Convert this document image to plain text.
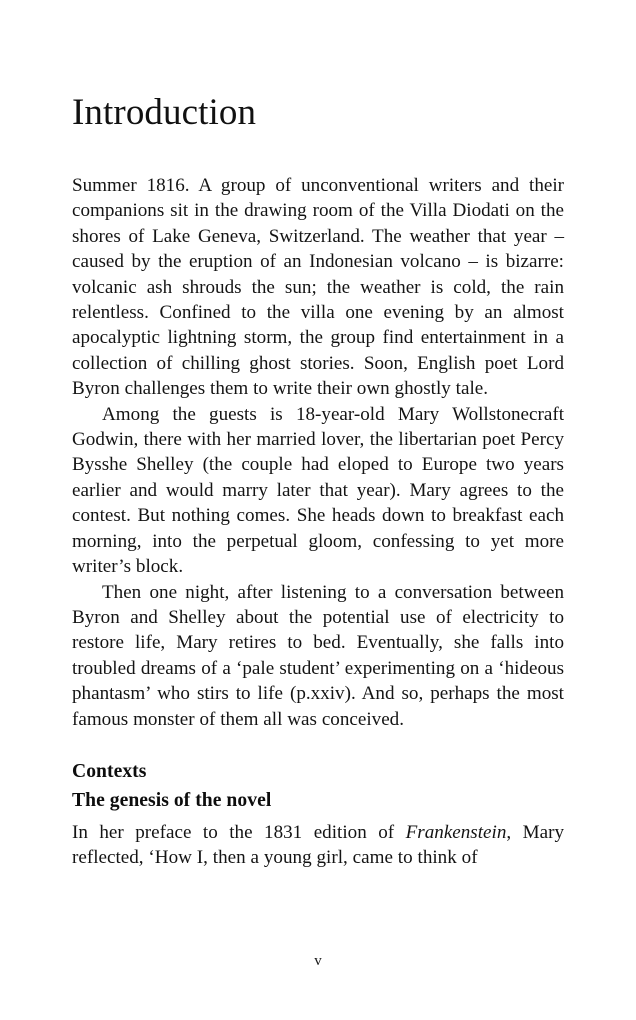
Introduction

Summer 1816. A group of unconventional writers and their companions sit in the drawing room of the Villa Diodati on the shores of Lake Geneva, Switzerland. The weather that year – caused by the eruption of an Indonesian volcano – is bizarre: volcanic ash shrouds the sun; the weather is cold, the rain relentless. Confined to the villa one evening by an almost apocalyptic lightning storm, the group find entertainment in a collection of chilling ghost stories. Soon, English poet Lord Byron challenges them to write their own ghostly tale.

Among the guests is 18-year-old Mary Wollstonecraft Godwin, there with her married lover, the libertarian poet Percy Bysshe Shelley (the couple had eloped to Europe two years earlier and would marry later that year). Mary agrees to the contest. But nothing comes. She heads down to breakfast each morning, into the perpetual gloom, confessing to yet more writer’s block.

Then one night, after listening to a conversation between Byron and Shelley about the potential use of electricity to restore life, Mary retires to bed. Eventually, she falls into troubled dreams of a ‘pale student’ experimenting on a ‘hideous phantasm’ who stirs to life (p.xxiv). And so, perhaps the most famous monster of them all was conceived.

Contexts
The genesis of the novel

In her preface to the 1831 edition of Frankenstein, Mary reflected, ‘How I, then a young girl, came to think of

v
